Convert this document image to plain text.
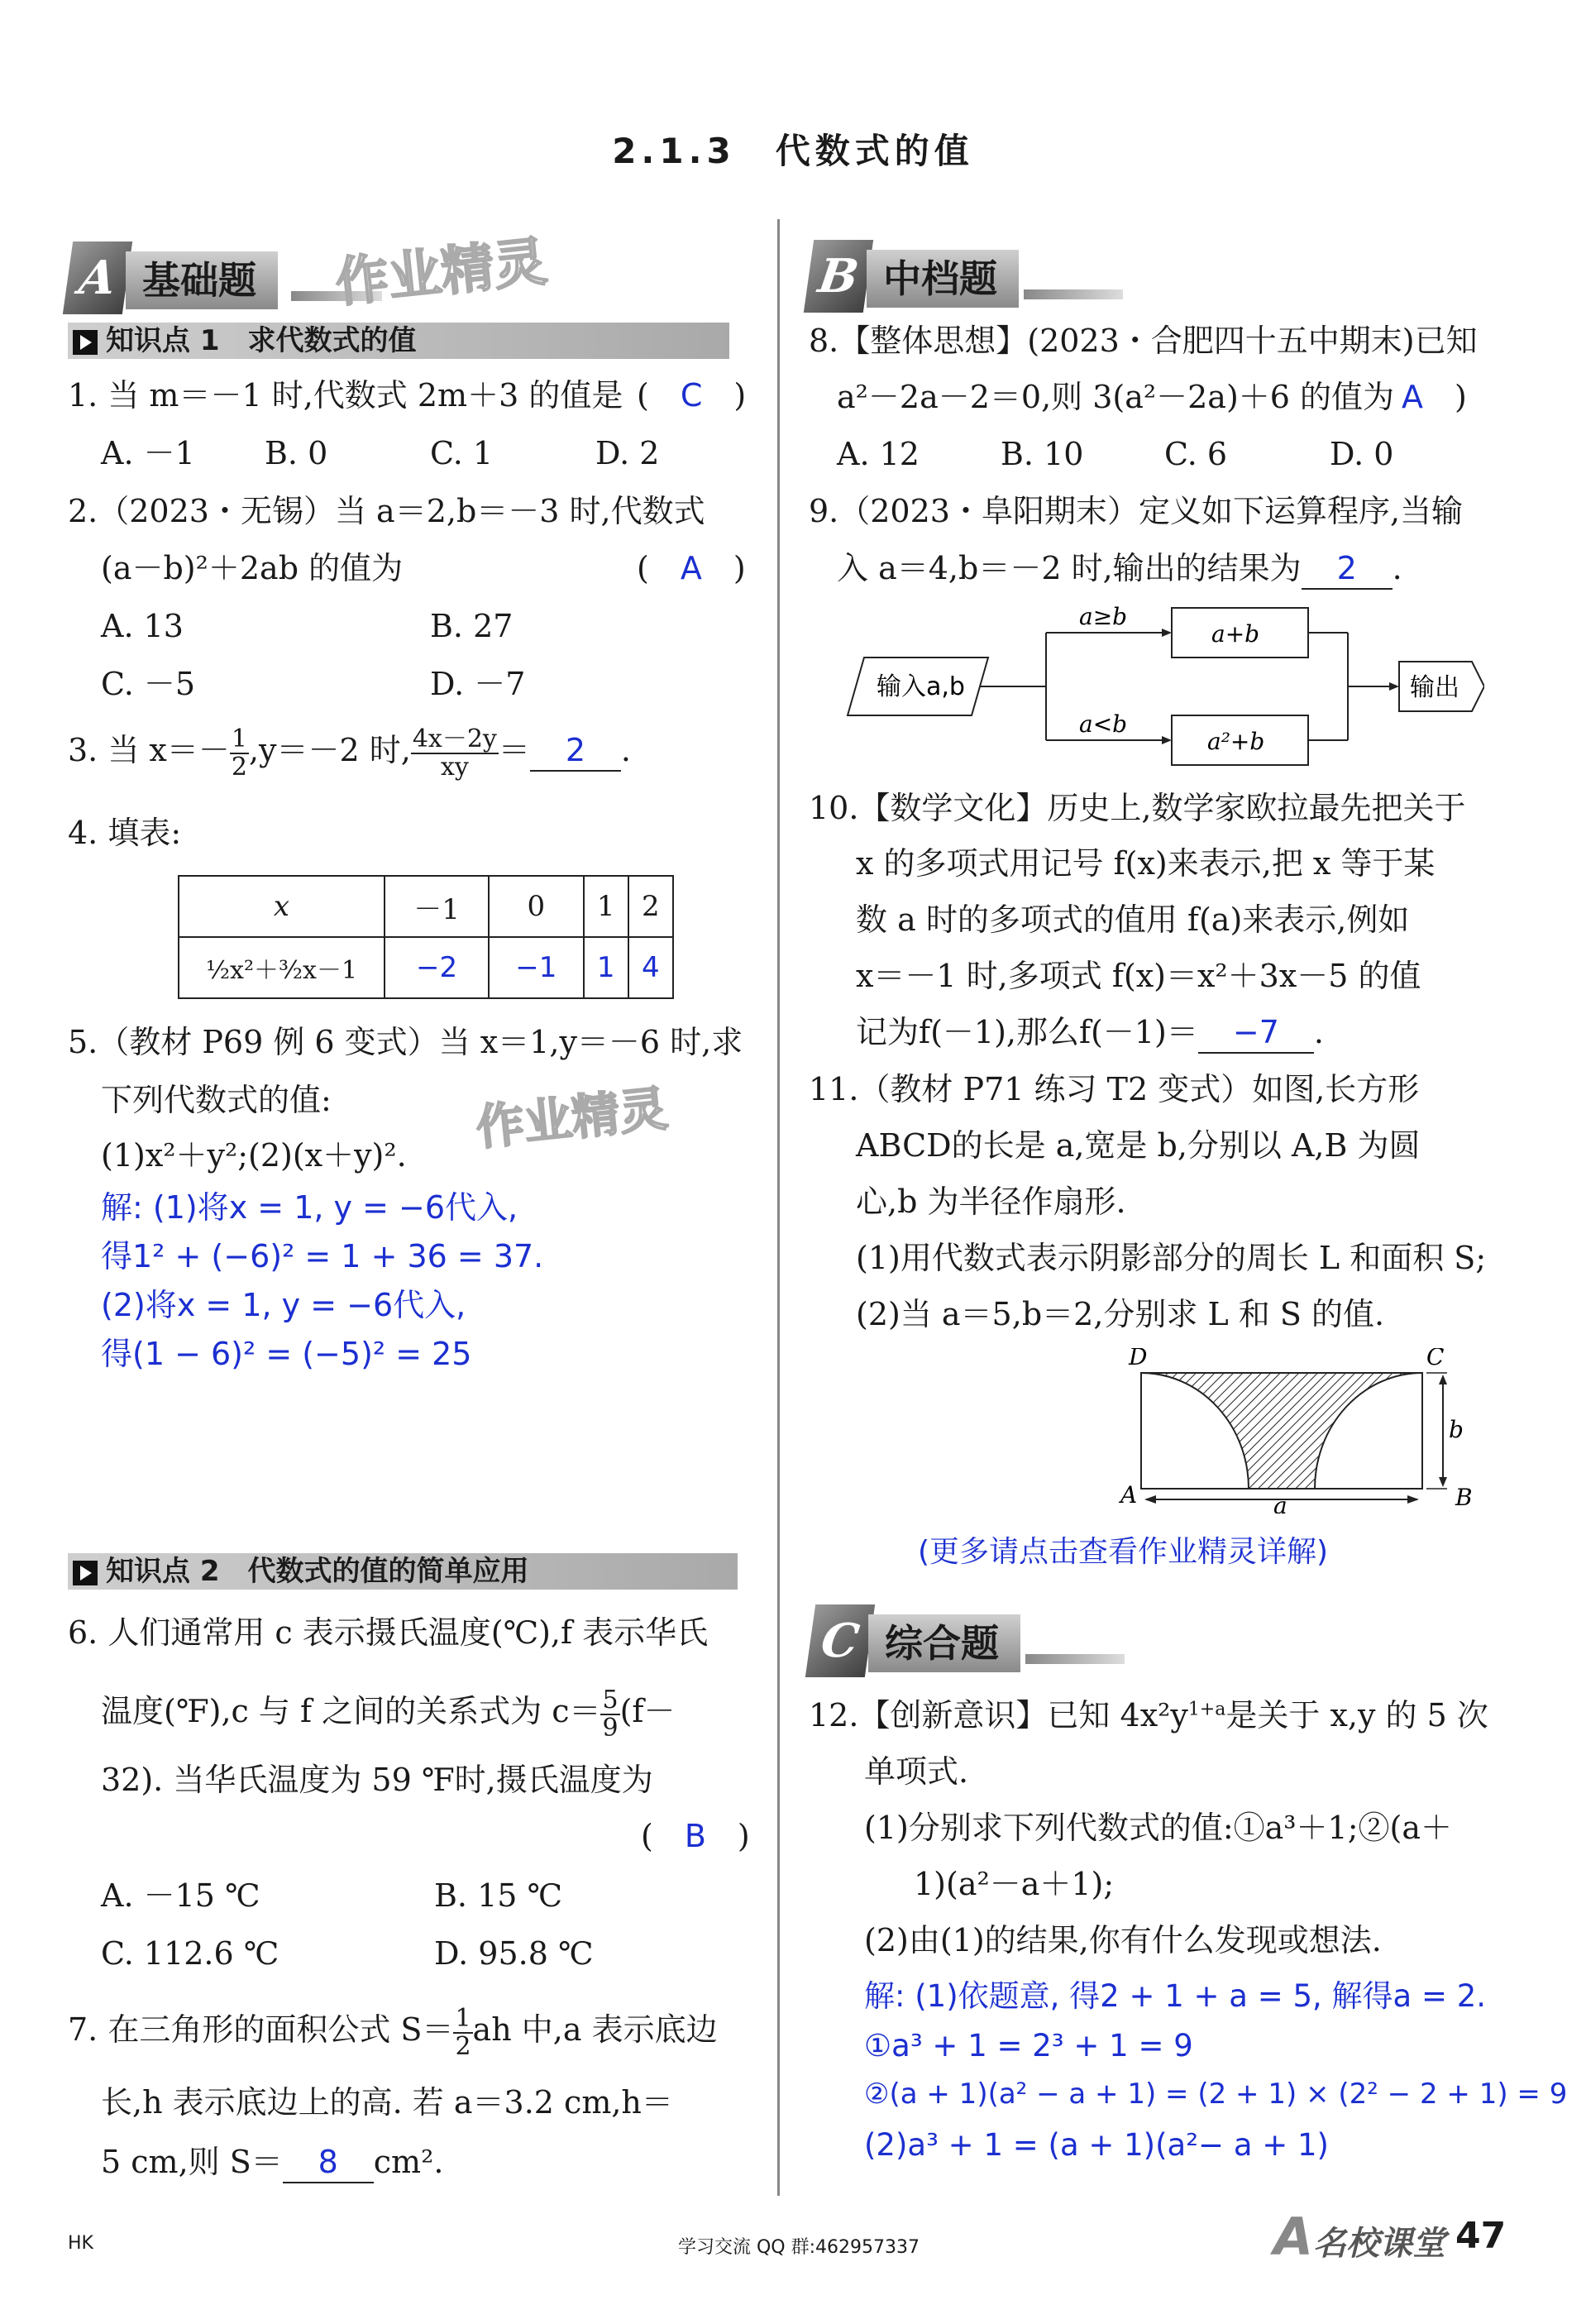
2.1.3　代数式的值
A 基础题	作业精灵
知识点 1　求代数式的值
1. 当 m＝－1 时,代数式 2m＋3 的值是 (　C　)
A. －1 B. 0	C. 1	D. 2
2.（2023・无锡）当 a＝2,b＝－3 时,代数式
(a－b)²＋2ab 的值为	(　A　)
A. 13	B. 27
C. －5	D. －7
3. 当 $x=- \frac{1}{2} ,y=-2$ 时, $\frac{4x-2y}{xy} = 2$ .
4. 填表:
x	－1	0	1	2
½x²＋³⁄₂x－1	−2	−1	1	4
5.（教材 P69 例 6 变式）当 x＝1,y＝－6 时,求
下列代数式的值:
(1)x²＋y²;(2)(x＋y)². 作业精灵
解: (1)将x = 1, y = −6代入,
得1² + (−6)² = 1 + 36 = 37.
(2)将x = 1, y = −6代入,
得(1 − 6)² = (−5)² = 25
知识点 2　代数式的值的简单应用
6. 人们通常用 c 表示摄氏温度(℃),f 表示华氏
温度(℉),c 与 f 之间的关系式为 $c= \frac{5}{9} (f-$
32). 当华氏温度为 59 ℉时,摄氏温度为
(　B　)
A. －15 ℃	B. 15 ℃
C. 112.6 ℃	D. 95.8 ℃
7. 在三角形的面积公式 $S= \frac{1}{2}$ ah 中,a 表示底边
长,h 表示底边上的高. 若 a＝3.2 cm,h＝
5 cm,则 S＝ 8 cm².
B 中档题
8.【整体思想】(2023・合肥四十五中期末)已知
a²－2a－2＝0,则 3(a²－2a)＋6 的值为 A　)
A. 12	B. 10	C. 6	D. 0
9.（2023・阜阳期末）定义如下运算程序,当输
入 a＝4,b＝－2 时,输出的结果为 2 .
输入a,b
a≥b
a+b
a<b
a²+b
输出
10.【数学文化】历史上,数学家欧拉最先把关于
x 的多项式用记号 f(x)来表示,把 x 等于某
数 a 时的多项式的值用 f(a)来表示,例如
x＝－1 时,多项式 f(x)＝x²＋3x－5 的值
记为f(－1),那么f(－1)＝ −7 .
11.（教材 P71 练习 T2 变式）如图,长方形
ABCD的长是 a,宽是 b,分别以 A,B 为圆
心,b 为半径作扇形.
(1)用代数式表示阴影部分的周长 L 和面积 S;
(2)当 a＝5,b＝2,分别求 L 和 S 的值.
D	C
A	B
a
b
(更多请点击查看作业精灵详解)
C 综合题
12.【创新意识】已知 $4x^2y^{1+a}$是关于 x,y 的 5 次
单项式.
(1)分别求下列代数式的值:①a³＋1;②(a＋
1)(a²－a＋1);
(2)由(1)的结果,你有什么发现或想法.
解: (1)依题意, 得2 + 1 + a = 5, 解得a = 2.
①a³ + 1 = 2³ + 1 = 9
②(a + 1)(a² − a + 1) = (2 + 1) × (2² − 2 + 1) = 9
(2)a³ + 1 = (a + 1)(a²− a + 1)
HK	学习交流 QQ 群:462957337	A名校课堂 47
